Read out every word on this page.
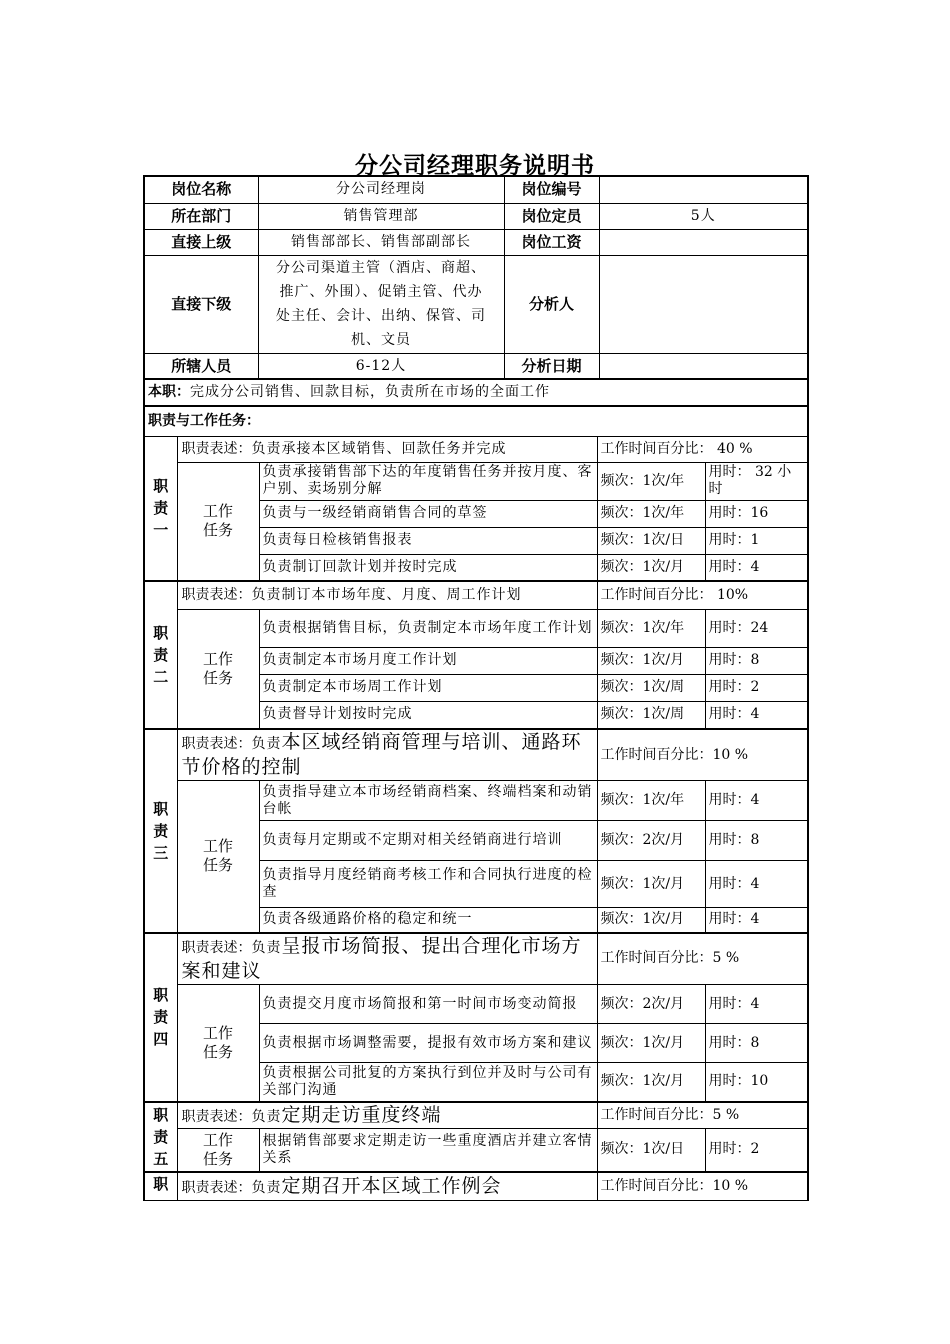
分公司经理职务说明书
岗位名称	分公司经理岗	岗位编号	
所在部门	销售管理部	岗位定员	5人
直接上级	销售部部长、销售部副部长	岗位工资	
直接下级	分公司渠道主管（酒店、商超、
推广、外围）、促销主管、代办
处主任、会计、出纳、保管、司
机、文员	分析人	
所辖人员	6-12人	分析日期	
本职：完成分公司销售、回款目标，负责所在市场的全面工作				
职责与工作任务：				

职
责
一	职责表述：负责承接本区域销售、回款任务并完成		工作时间百分比： 40 %	

	工作
任务	负责承接销售部下达的年度销售任务并按月度、客户别、卖场别分解	频次：1次/年	用时： 32 小时
		负责与一级经销商销售合同的草签	频次：1次/年	用时：16
		负责每日检核销售报表	频次：1次/日	用时：1
		负责制订回款计划并按时完成	频次：1次/月	用时：4

职
责
二	职责表述：负责制订本市场年度、月度、周工作计划		工作时间百分比： 10%	

	工作
任务	负责根据销售目标，负责制定本市场年度工作计划	频次：1次/年	用时：24
		负责制定本市场月度工作计划	频次：1次/月	用时：8
		负责制定本市场周工作计划	频次：1次/周	用时：2
		负责督导计划按时完成	频次：1次/周	用时：4

职
责
三	职责表述：负责本区域经销商管理与培训、通路环节价格的控制		工作时间百分比：10 %	

	工作
任务	负责指导建立本市场经销商档案、终端档案和动销台帐	频次：1次/年	用时：4
		负责每月定期或不定期对相关经销商进行培训	频次：2次/月	用时：8
		负责指导月度经销商考核工作和合同执行进度的检查	频次：1次/月	用时：4
		负责各级通路价格的稳定和统一	频次：1次/月	用时：4

职
责
四	职责表述：负责呈报市场简报、提出合理化市场方案和建议		工作时间百分比：5 %	

	工作
任务	负责提交月度市场简报和第一时间市场变动简报	频次：2次/月	用时：4
		负责根据市场调整需要，提报有效市场方案和建议	频次：1次/月	用时：8
		负责根据公司批复的方案执行到位并及时与公司有关部门沟通	频次：1次/月	用时：10

职
责
五	职责表述：负责定期走访重度终端		工作时间百分比：5 %	

	工作
任务	根据销售部要求定期走访一些重度酒店并建立客情关系	频次：1次/日	用时：2

职	职责表述：负责定期召开本区域工作例会		工作时间百分比：10 %	
